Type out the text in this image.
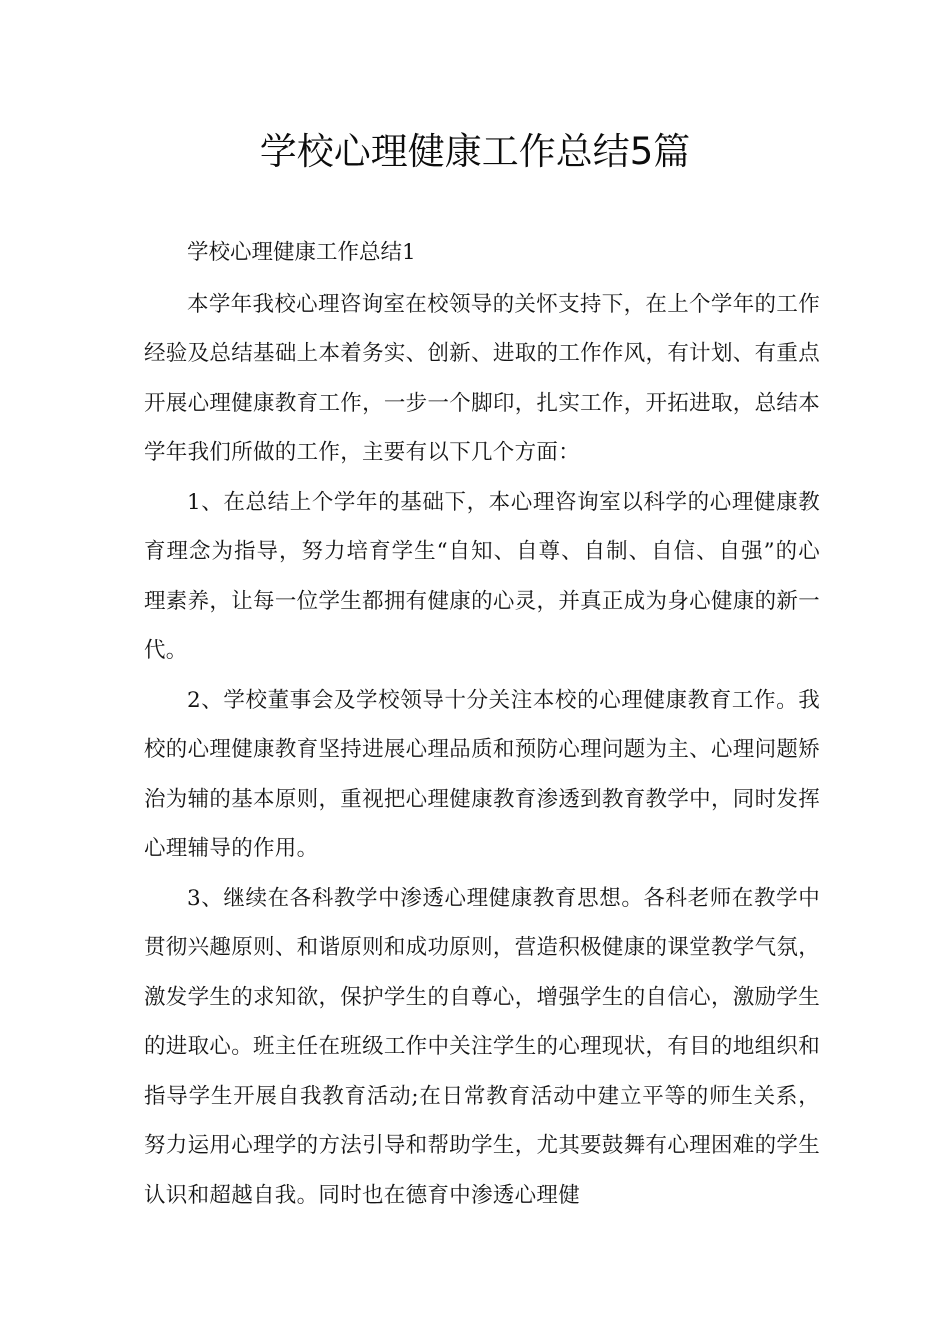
学校心理健康工作总结5篇

学校心理健康工作总结1

本学年我校心理咨询室在校领导的关怀支持下，在上个学年的工作经验及总结基础上本着务实、创新、进取的工作作风，有计划、有重点开展心理健康教育工作，一步一个脚印，扎实工作，开拓进取，总结本学年我们所做的工作，主要有以下几个方面：

1、在总结上个学年的基础下，本心理咨询室以科学的心理健康教育理念为指导，努力培育学生“自知、自尊、自制、自信、自强”的心理素养，让每一位学生都拥有健康的心灵，并真正成为身心健康的新一代。

2、学校董事会及学校领导十分关注本校的心理健康教育工作。我校的心理健康教育坚持进展心理品质和预防心理问题为主、心理问题矫治为辅的基本原则，重视把心理健康教育渗透到教育教学中，同时发挥心理辅导的作用。

3、继续在各科教学中渗透心理健康教育思想。各科老师在教学中贯彻兴趣原则、和谐原则和成功原则，营造积极健康的课堂教学气氛，激发学生的求知欲，保护学生的自尊心，增强学生的自信心，激励学生的进取心。班主任在班级工作中关注学生的心理现状，有目的地组织和指导学生开展自我教育活动;在日常教育活动中建立平等的师生关系，努力运用心理学的方法引导和帮助学生，尤其要鼓舞有心理困难的学生认识和超越自我。同时也在德育中渗透心理健
